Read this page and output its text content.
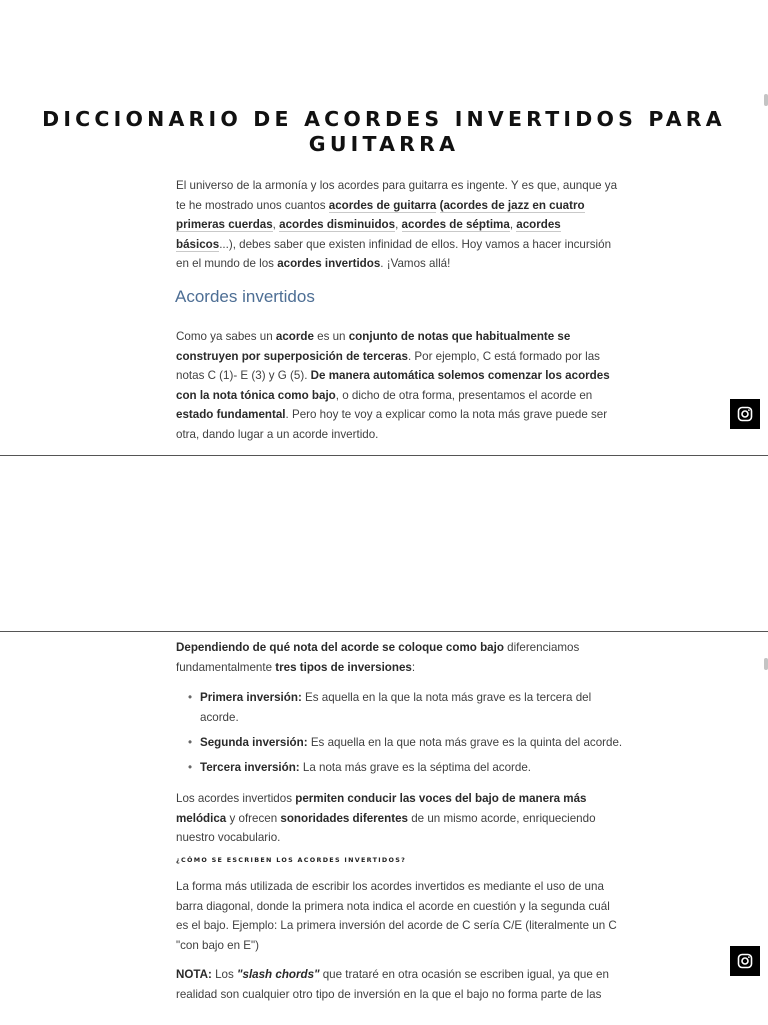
DICCIONARIO DE ACORDES INVERTIDOS PARA GUITARRA

El universo de la armonía y los acordes para guitarra es ingente. Y es que, aunque ya te he mostrado unos cuantos acordes de guitarra (acordes de jazz en cuatro primeras cuerdas, acordes disminuidos, acordes de séptima, acordes básicos...), debes saber que existen infinidad de ellos. Hoy vamos a hacer incursión en el mundo de los acordes invertidos. ¡Vamos allá!

Acordes invertidos

Como ya sabes un acorde es un conjunto de notas que habitualmente se construyen por superposición de terceras. Por ejemplo, C está formado por las notas C (1)- E (3) y G (5). De manera automática solemos comenzar los acordes con la nota tónica como bajo, o dicho de otra forma, presentamos el acorde en estado fundamental. Pero hoy te voy a explicar como la nota más grave puede ser otra, dando lugar a un acorde invertido.

Dependiendo de qué nota del acorde se coloque como bajo diferenciamos fundamentalmente tres tipos de inversiones:

• Primera inversión: Es aquella en la que la nota más grave es la tercera del acorde.
• Segunda inversión: Es aquella en la que nota más grave es la quinta del acorde.
• Tercera inversión: La nota más grave es la séptima del acorde.

Los acordes invertidos permiten conducir las voces del bajo de manera más melódica y ofrecen sonoridades diferentes de un mismo acorde, enriqueciendo nuestro vocabulario.

¿CÓMO SE ESCRIBEN LOS ACORDES INVERTIDOS?

La forma más utilizada de escribir los acordes invertidos es mediante el uso de una barra diagonal, donde la primera nota indica el acorde en cuestión y la segunda cuál es el bajo. Ejemplo: La primera inversión del acorde de C sería C/E (literalmente un C "con bajo en E")

NOTA: Los "slash chords" que trataré en otra ocasión se escriben igual, ya que en realidad son cualquier otro tipo de inversión en la que el bajo no forma parte de las
